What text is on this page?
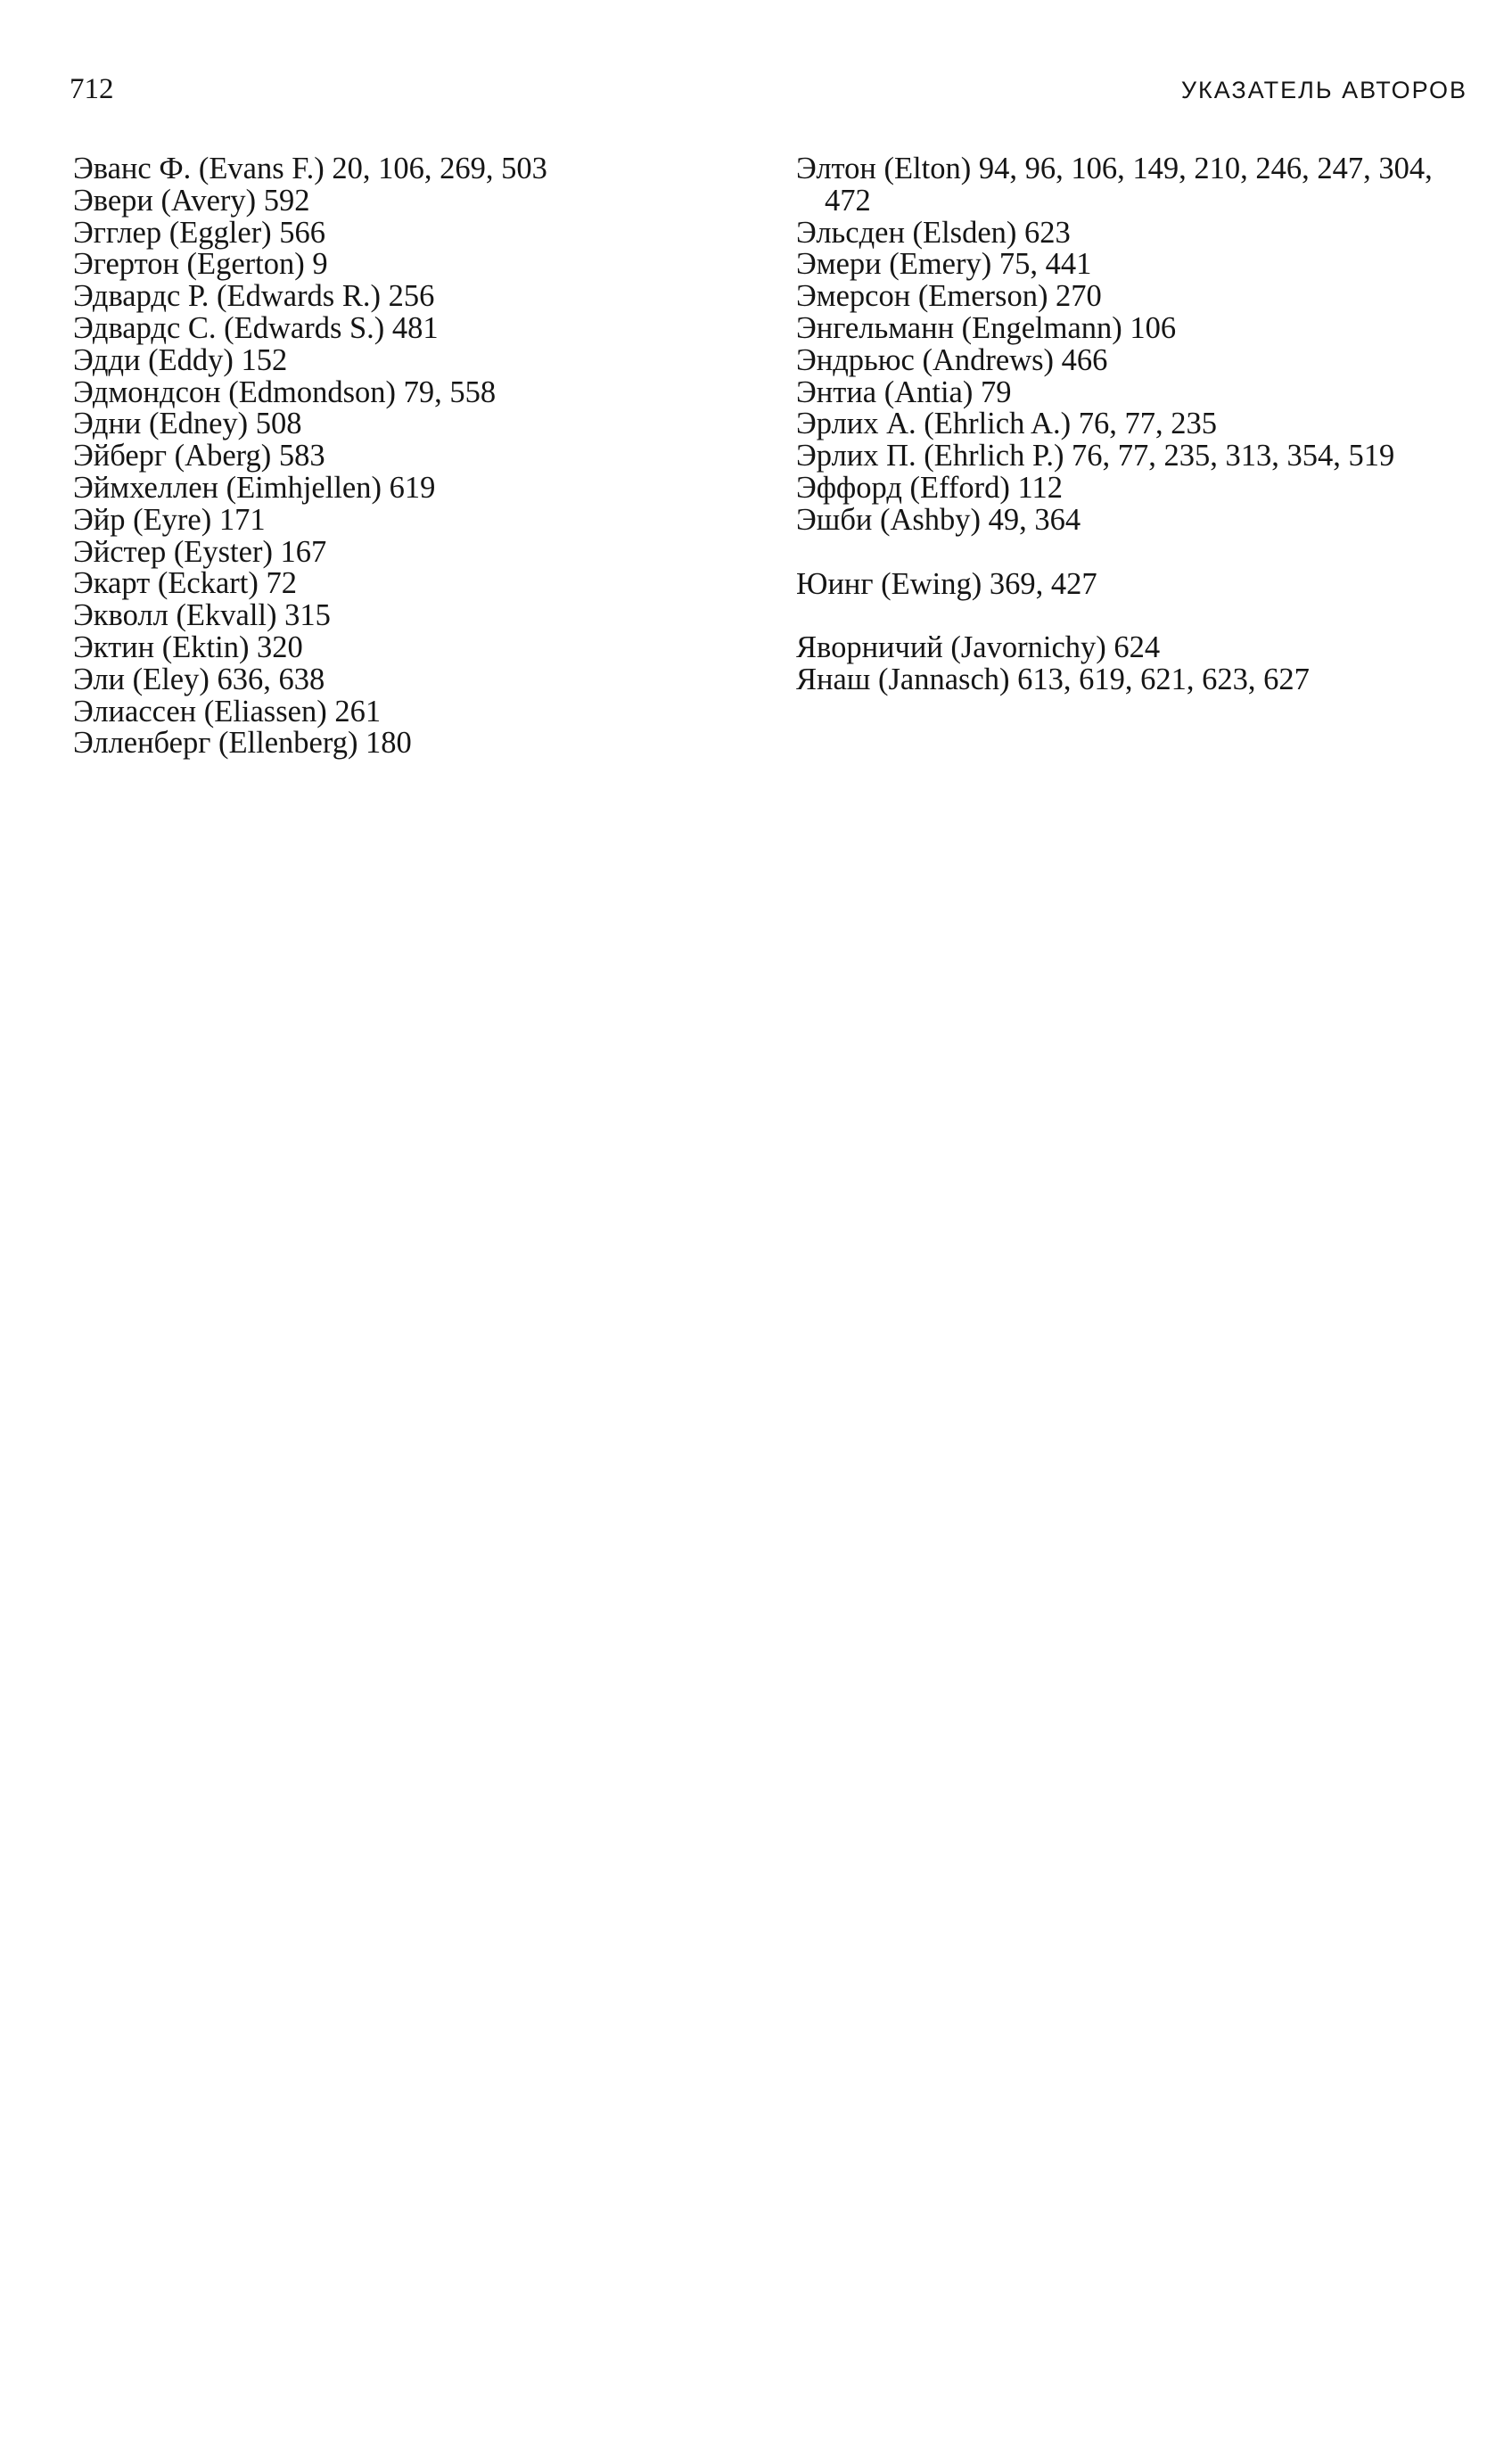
712	УКАЗАТЕЛЬ АВТОРОВ
Эванс Ф. (Evans F.) 20, 106, 269, 503
Эвери (Avery) 592
Эгглер (Eggler) 566
Эгертон (Egerton) 9
Эдвардс Р. (Edwards R.) 256
Эдвардс С. (Edwards S.) 481
Эдди (Eddy) 152
Эдмондсон (Edmondson) 79, 558
Эдни (Edney) 508
Эйберг (Aberg) 583
Эймхеллен (Eimhjellen) 619
Эйр (Eyre) 171
Эйстер (Eyster) 167
Экарт (Eckart) 72
Экволл (Ekvall) 315
Эктин (Ektin) 320
Эли (Eley) 636, 638
Элиассен (Eliassen) 261
Элленберг (Ellenberg) 180
Элтон (Elton) 94, 96, 106, 149, 210, 246, 247, 304, 472
Эльсден (Elsden) 623
Эмери (Emery) 75, 441
Эмерсон (Emerson) 270
Энгельманн (Engelmann) 106
Эндрьюс (Andrews) 466
Энтиа (Antia) 79
Эрлих А. (Ehrlich A.) 76, 77, 235
Эрлих П. (Ehrlich P.) 76, 77, 235, 313, 354, 519
Эффорд (Efford) 112
Эшби (Ashby) 49, 364
Юинг (Ewing) 369, 427
Яворничий (Javornichy) 624
Янаш (Jannasch) 613, 619, 621, 623, 627
